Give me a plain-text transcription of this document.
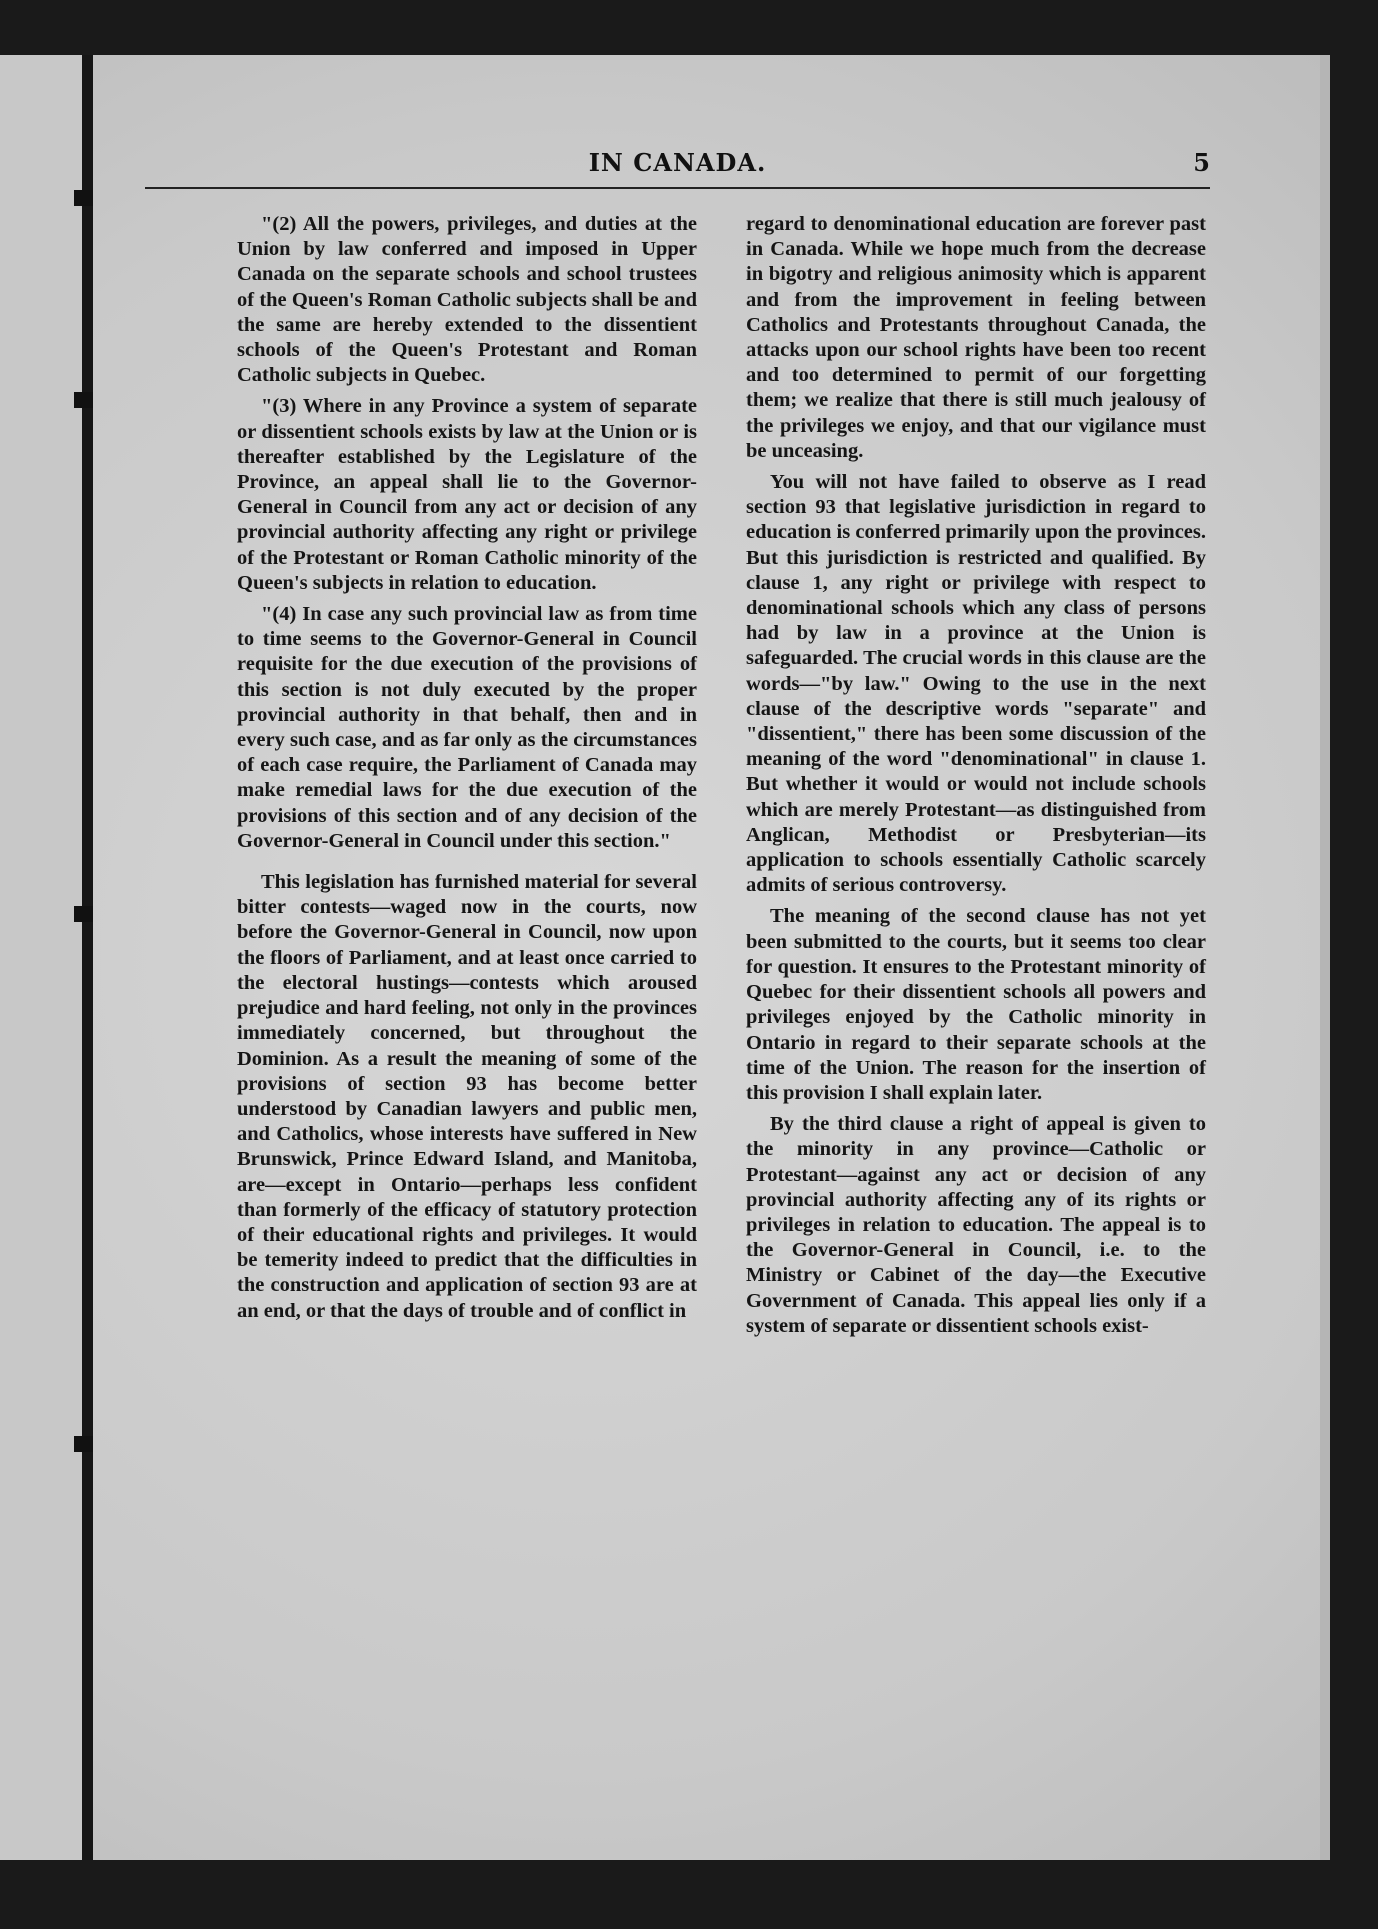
IN CANADA.	5

"(2) All the powers, privileges, and duties at the Union by law conferred and imposed in Upper Canada on the separate schools and school trustees of the Queen's Roman Catholic subjects shall be and the same are hereby extended to the dissentient schools of the Queen's Protestant and Roman Catholic subjects in Quebec.

"(3) Where in any Province a system of separate or dissentient schools exists by law at the Union or is thereafter established by the Legislature of the Province, an appeal shall lie to the Governor-General in Council from any act or decision of any provincial authority affecting any right or privilege of the Protestant or Roman Catholic minority of the Queen's subjects in relation to education.

"(4) In case any such provincial law as from time to time seems to the Governor-General in Council requisite for the due execution of the provisions of this section is not duly executed by the proper provincial authority in that behalf, then and in every such case, and as far only as the circumstances of each case require, the Parliament of Canada may make remedial laws for the due execution of the provisions of this section and of any decision of the Governor-General in Council under this section."

This legislation has furnished material for several bitter contests—waged now in the courts, now before the Governor-General in Council, now upon the floors of Parliament, and at least once carried to the electoral hustings—contests which aroused prejudice and hard feeling, not only in the provinces immediately concerned, but throughout the Dominion. As a result the meaning of some of the provisions of section 93 has become better understood by Canadian lawyers and public men, and Catholics, whose interests have suffered in New Brunswick, Prince Edward Island, and Manitoba, are—except in Ontario—perhaps less confident than formerly of the efficacy of statutory protection of their educational rights and privileges. It would be temerity indeed to predict that the difficulties in the construction and application of section 93 are at an end, or that the days of trouble and of conflict in

regard to denominational education are forever past in Canada. While we hope much from the decrease in bigotry and religious animosity which is apparent and from the improvement in feeling between Catholics and Protestants throughout Canada, the attacks upon our school rights have been too recent and too determined to permit of our forgetting them; we realize that there is still much jealousy of the privileges we enjoy, and that our vigilance must be unceasing.

You will not have failed to observe as I read section 93 that legislative jurisdiction in regard to education is conferred primarily upon the provinces. But this jurisdiction is restricted and qualified. By clause 1, any right or privilege with respect to denominational schools which any class of persons had by law in a province at the Union is safeguarded. The crucial words in this clause are the words—"by law." Owing to the use in the next clause of the descriptive words "separate" and "dissentient," there has been some discussion of the meaning of the word "denominational" in clause 1. But whether it would or would not include schools which are merely Protestant—as distinguished from Anglican, Methodist or Presbyterian—its application to schools essentially Catholic scarcely admits of serious controversy.

The meaning of the second clause has not yet been submitted to the courts, but it seems too clear for question. It ensures to the Protestant minority of Quebec for their dissentient schools all powers and privileges enjoyed by the Catholic minority in Ontario in regard to their separate schools at the time of the Union. The reason for the insertion of this provision I shall explain later.

By the third clause a right of appeal is given to the minority in any province—Catholic or Protestant—against any act or decision of any provincial authority affecting any of its rights or privileges in relation to education. The appeal is to the Governor-General in Council, i.e. to the Ministry or Cabinet of the day—the Executive Government of Canada. This appeal lies only if a system of separate or dissentient schools exist-
